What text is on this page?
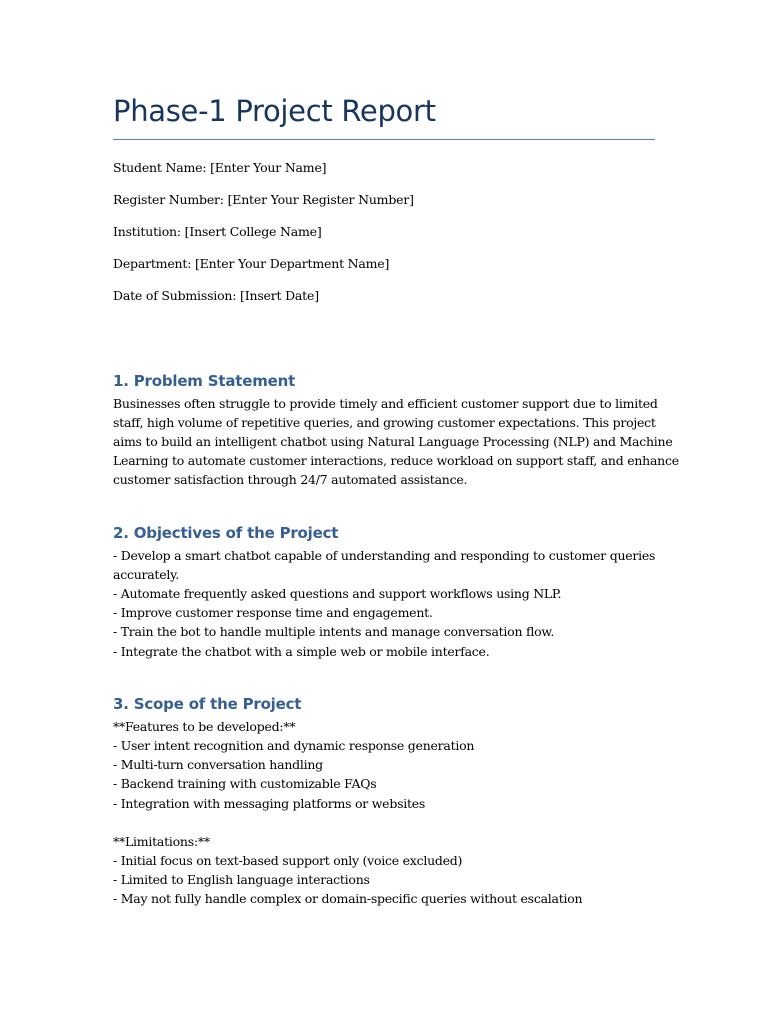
Phase-1 Project Report

Student Name: [Enter Your Name]

Register Number: [Enter Your Register Number]

Institution: [Insert College Name]

Department: [Enter Your Department Name]

Date of Submission: [Insert Date]

1. Problem Statement

Businesses often struggle to provide timely and efficient customer support due to limited

staff, high volume of repetitive queries, and growing customer expectations. This project

aims to build an intelligent chatbot using Natural Language Processing (NLP) and Machine

Learning to automate customer interactions, reduce workload on support staff, and enhance

customer satisfaction through 24/7 automated assistance.

2. Objectives of the Project

- Develop a smart chatbot capable of understanding and responding to customer queries

accurately.

- Automate frequently asked questions and support workflows using NLP.

- Improve customer response time and engagement.

- Train the bot to handle multiple intents and manage conversation flow.

- Integrate the chatbot with a simple web or mobile interface.

3. Scope of the Project

**Features to be developed:**

- User intent recognition and dynamic response generation

- Multi-turn conversation handling

- Backend training with customizable FAQs

- Integration with messaging platforms or websites

**Limitations:**

- Initial focus on text-based support only (voice excluded)

- Limited to English language interactions

- May not fully handle complex or domain-specific queries without escalation
